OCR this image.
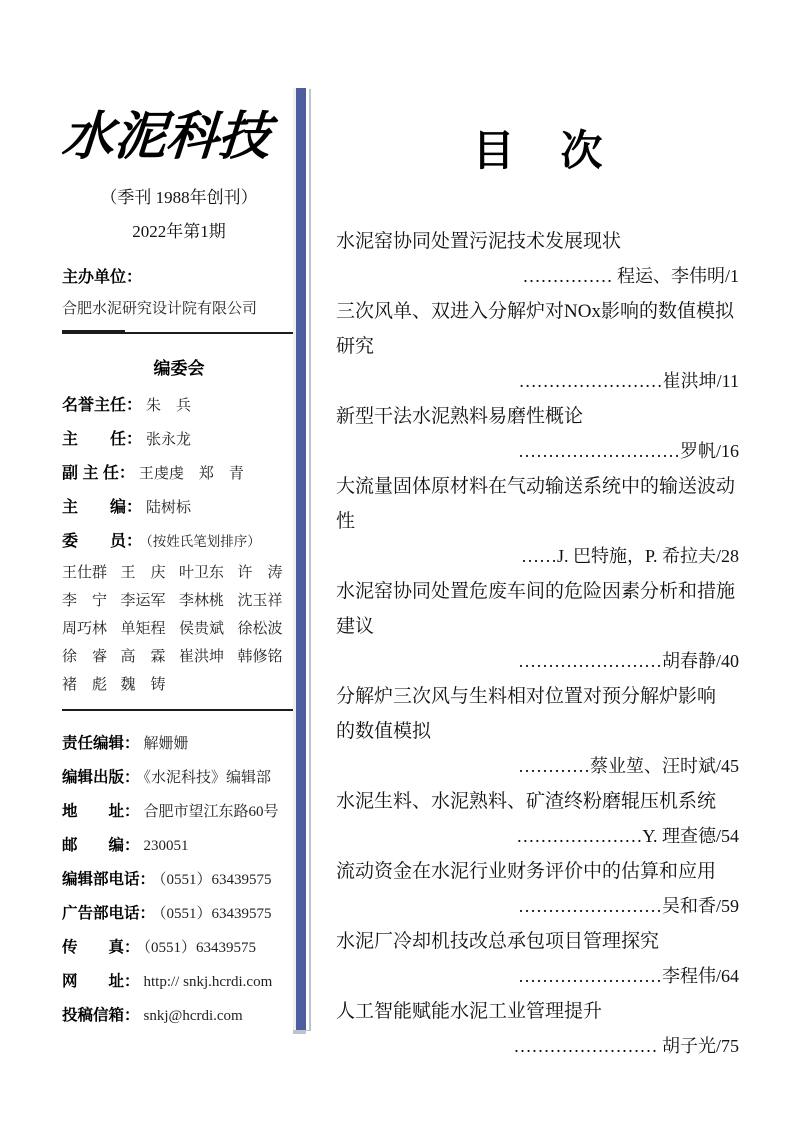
水泥科技
（季刊 1988年创刊）
2022年第1期
主办单位：
合肥水泥研究设计院有限公司
编委会
名誉主任： 朱　兵
主　　任： 张永龙
副 主 任： 王虔虔　郑　青
主　　编： 陆树标
委　　员： （按姓氏笔划排序）
王仕群 王　庆 叶卫东 许　涛
李　宁 李运军 李林桃 沈玉祥
周巧林 单矩程 侯贵斌 徐松波
徐　睿 高　霖 崔洪坤 韩修铭
褚　彪 魏　铸
责任编辑： 解姗姗
编辑出版： 《水泥科技》编辑部
地　　址： 合肥市望江东路60号
邮　　编： 230051
编辑部电话： （0551）63439575
广告部电话： （0551）63439575
传　　真： （0551）63439575
网　　址： http:// snkj.hcrdi.com
投稿信箱： snkj@hcrdi.com
目　次
水泥窑协同处置污泥技术发展现状
…………… 程运、李伟明/1
三次风单、双进入分解炉对NOx影响的数值模拟研究
……………………崔洪坤/11
新型干法水泥熟料易磨性概论
………………………罗帆/16
大流量固体原材料在气动输送系统中的输送波动性
……J. 巴特施，P. 希拉夫/28
水泥窑协同处置危废车间的危险因素分析和措施建议
……………………胡春静/40
分解炉三次风与生料相对位置对预分解炉影响
的数值模拟
…………蔡业堃、汪时斌/45
水泥生料、水泥熟料、矿渣终粉磨辊压机系统
…………………Y. 理查德/54
流动资金在水泥行业财务评价中的估算和应用
……………………吴和香/59
水泥厂冷却机技改总承包项目管理探究
……………………李程伟/64
人工智能赋能水泥工业管理提升
…………………… 胡子光/75
